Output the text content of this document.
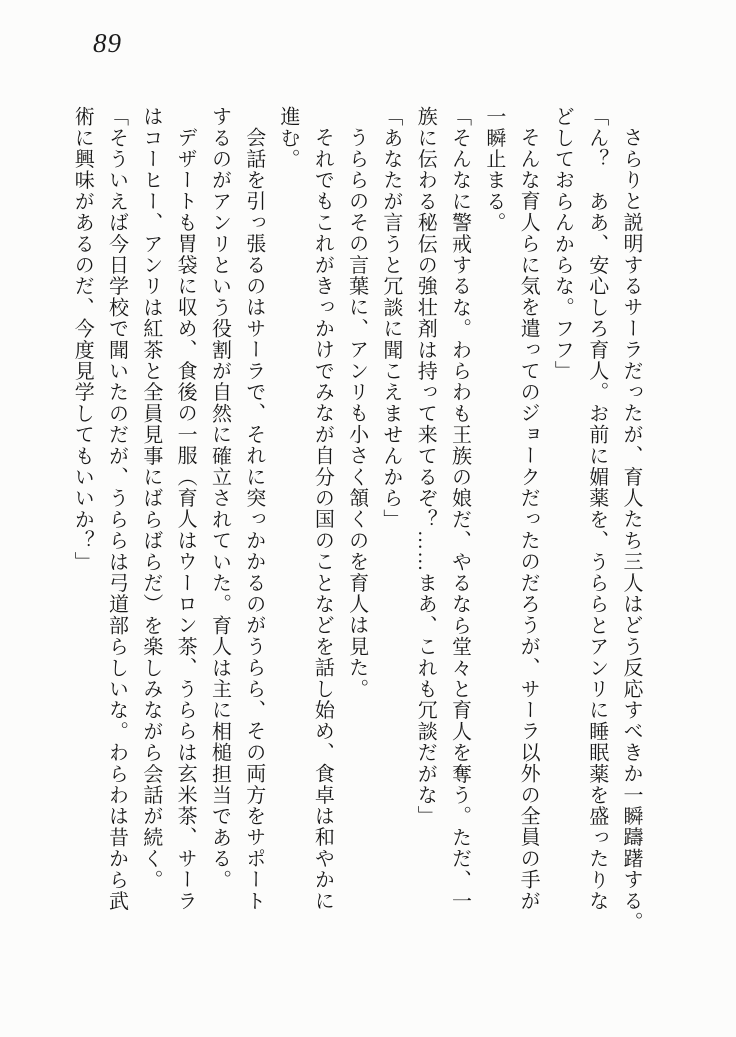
89

さらりと説明するサーラだったが、育人たち三人はどう反応すべきか一瞬躊躇する。

「ん？　ああ、安心しろ育人。お前に媚薬を、うららとアンリに睡眠薬を盛ったりな

どしておらんからな。フフ」

そんな育人らに気を遣ってのジョークだったのだろうが、サーラ以外の全員の手が

一瞬止まる。

「そんなに警戒するな。わらわも王族の娘だ、やるなら堂々と育人を奪う。ただ、一

族に伝わる秘伝の強壮剤は持って来てるぞ？……まあ、これも冗談だがな」

「あなたが言うと冗談に聞こえませんから」

うららのその言葉に、アンリも小さく頷くのを育人は見た。

それでもこれがきっかけでみなが自分の国のことなどを話し始め、食卓は和やかに

進む。

会話を引っ張るのはサーラで、それに突っかかるのがうらら、その両方をサポート

するのがアンリという役割が自然に確立されていた。育人は主に相槌担当である。

デザートも胃袋に収め、食後の一服（育人はウーロン茶、うららは玄米茶、サーラ

はコーヒー、アンリは紅茶と全員見事にばらばらだ）を楽しみながら会話が続く。

「そういえば今日学校で聞いたのだが、うららは弓道部らしいな。わらわは昔から武

術に興味があるのだ、今度見学してもいいか？」
